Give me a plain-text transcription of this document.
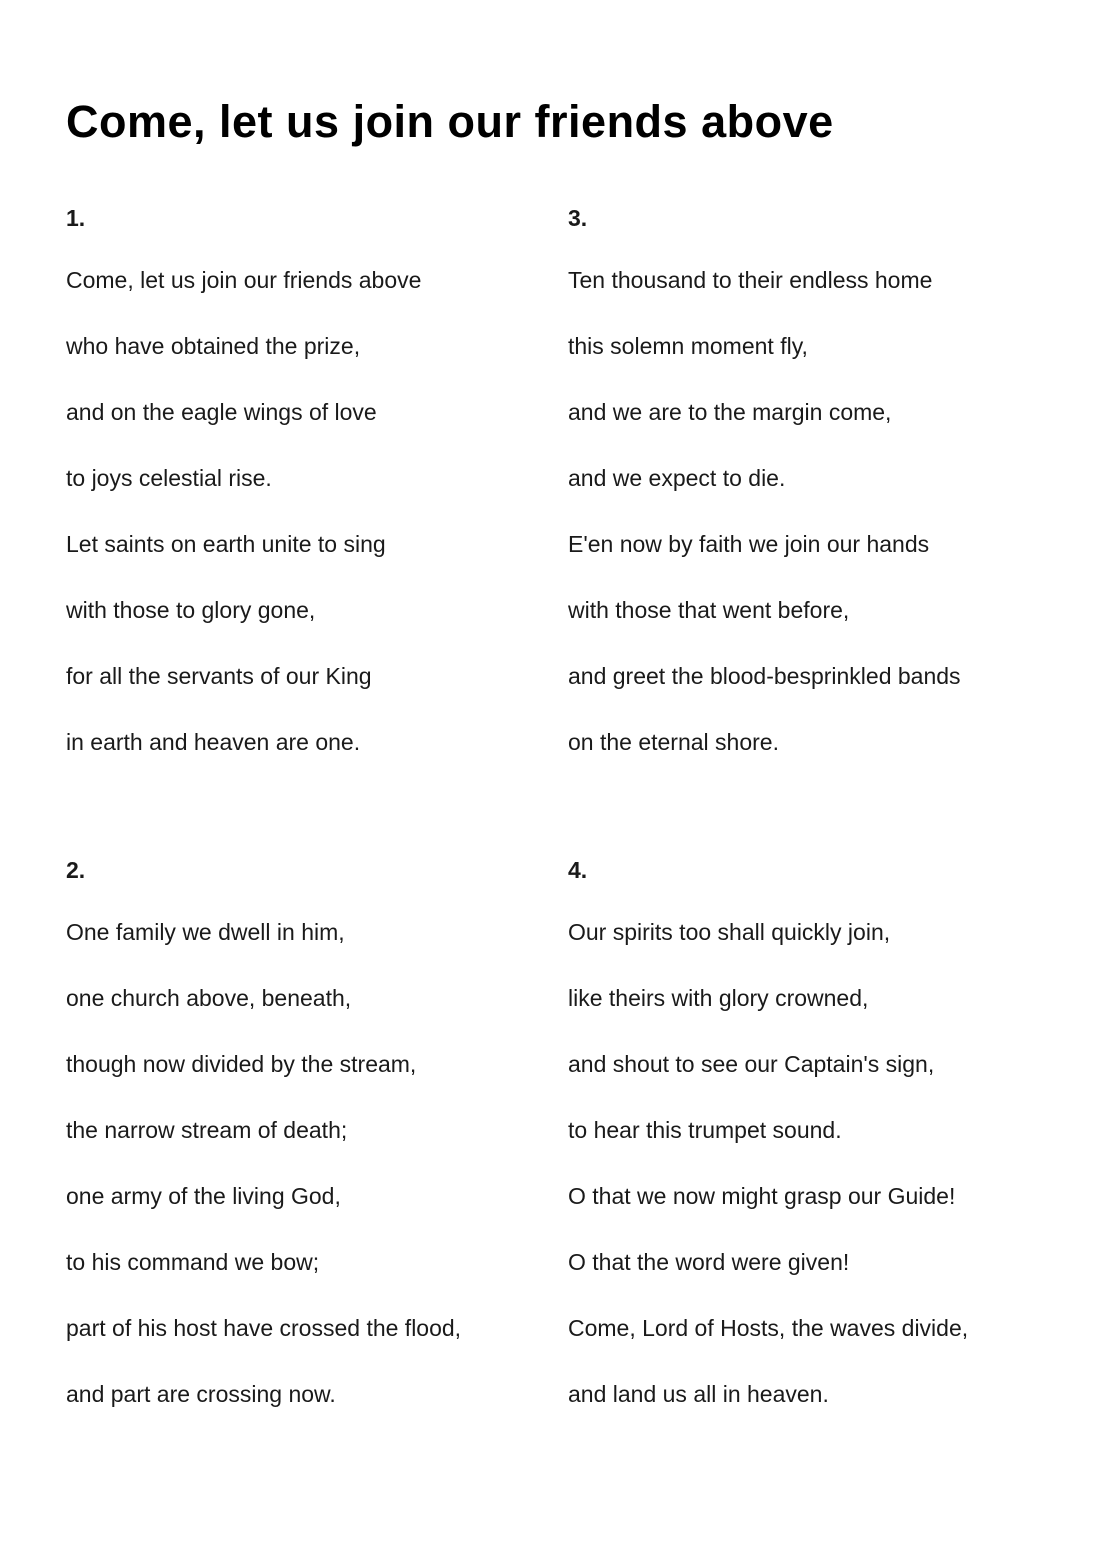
Come, let us join our friends above

1.

Come, let us join our friends above

who have obtained the prize,

and on the eagle wings of love

to joys celestial rise.

Let saints on earth unite to sing

with those to glory gone,

for all the servants of our King

in earth and heaven are one.

3.

Ten thousand to their endless home

this solemn moment fly,

and we are to the margin come,

and we expect to die.

E'en now by faith we join our hands

with those that went before,

and greet the blood-besprinkled bands

on the eternal shore.

2.

One family we dwell in him,

one church above, beneath,

though now divided by the stream,

the narrow stream of death;

one army of the living God,

to his command we bow;

part of his host have crossed the flood,

and part are crossing now.

4.

Our spirits too shall quickly join,

like theirs with glory crowned,

and shout to see our Captain's sign,

to hear this trumpet sound.

O that we now might grasp our Guide!

O that the word were given!

Come, Lord of Hosts, the waves divide,

and land us all in heaven.
